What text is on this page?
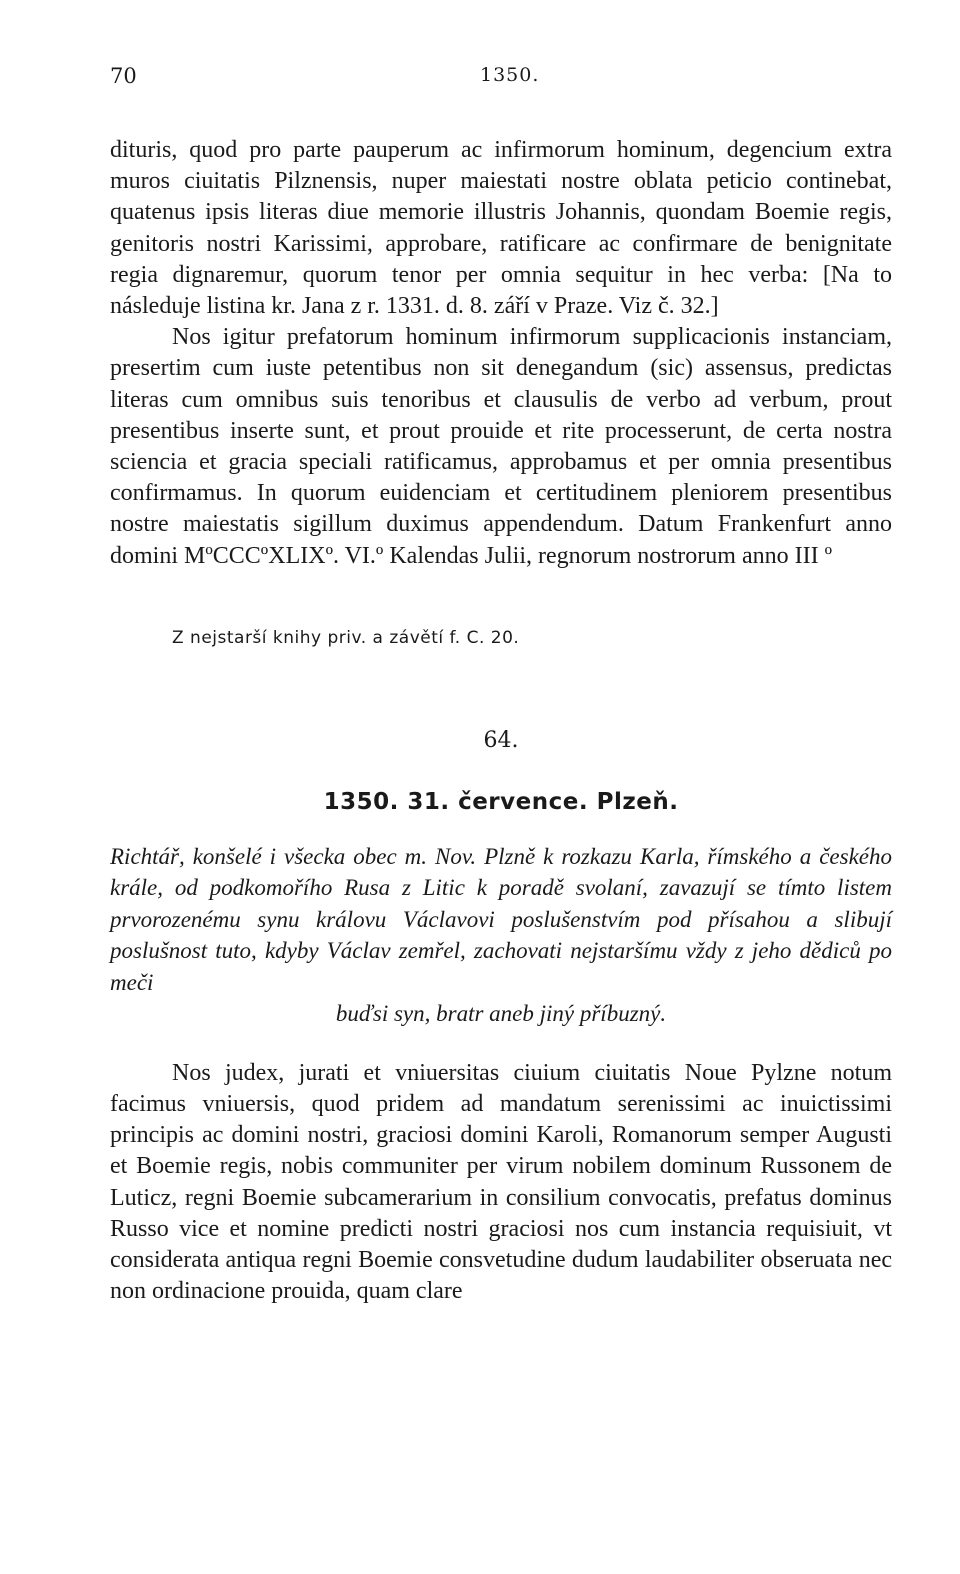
70	1350.

dituris, quod pro parte pauperum ac infirmorum hominum, degencium extra muros ciuitatis Pilznensis, nuper maiestati nostre oblata peticio continebat, quatenus ipsis literas diue memorie illustris Johannis, quondam Boemie regis, genitoris nostri Karissimi, approbare, ratificare ac confirmare de benignitate regia dignaremur, quorum tenor per omnia sequitur in hec verba: [Na to následuje listina kr. Jana z r. 1331. d. 8. září v Praze. Viz č. 32.]

Nos igitur prefatorum hominum infirmorum supplicacionis instanciam, presertim cum iuste petentibus non sit denegandum (sic) assensus, predictas literas cum omnibus suis tenoribus et clausulis de verbo ad verbum, prout presentibus inserte sunt, et prout prouide et rite processerunt, de certa nostra sciencia et gracia speciali ratificamus, approbamus et per omnia presentibus confirmamus. In quorum euidenciam et certitudinem pleniorem presentibus nostre maiestatis sigillum duximus appendendum. Datum Frankenfurt anno domini MºCCCºXLIXº. VI.º Kalendas Julii, regnorum nostrorum anno III º

Z nejstarší knihy priv. a závětí f. C. 20.
64.
1350. 31. července. Plzeň.

Richtář, konšelé i všecka obec m. Nov. Plzně k rozkazu Karla, římského a českého krále, od podkomořího Rusa z Litic k poradě svolaní, zavazují se tímto listem prvorozenému synu královu Václavovi poslušenstvím pod přísahou a slibují poslušnost tuto, kdyby Václav zemřel, zachovati nejstaršímu vždy z jeho dědiců po meči
buďsi syn, bratr aneb jiný příbuzný.

Nos judex, jurati et vniuersitas ciuium ciuitatis Noue Pylzne notum facimus vniuersis, quod pridem ad mandatum serenissimi ac inuictissimi principis ac domini nostri, graciosi domini Karoli, Romanorum semper Augusti et Boemie regis, nobis communiter per virum nobilem dominum Russonem de Luticz, regni Boemie subcamerarium in consilium convocatis, prefatus dominus Russo vice et nomine predicti nostri graciosi nos cum instancia requisiuit, vt considerata antiqua regni Boemie consvetudine dudum laudabiliter obseruata nec non ordinacione prouida, quam clare
